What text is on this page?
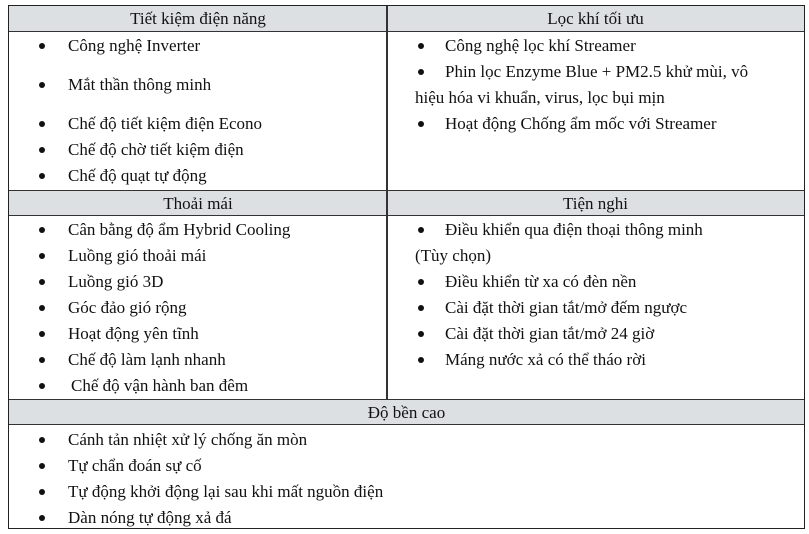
Tiết kiệm điện năng	Lọc khí tối ưu
Thoải mái	Tiện nghi
Độ bền cao
Công nghệ Inverter
Mắt thần thông minh
Chế độ tiết kiệm điện Econo
Chế độ chờ tiết kiệm điện
Chế độ quạt tự động
Công nghệ lọc khí Streamer
Phin lọc Enzyme Blue + PM2.5 khử mùi, vô
hiệu hóa vi khuẩn, virus, lọc bụi mịn
Hoạt động Chống ẩm mốc với Streamer
Cân bằng độ ẩm Hybrid Cooling
Luồng gió thoải mái
Luồng gió 3D
Góc đảo gió rộng
Hoạt động yên tĩnh
Chế độ làm lạnh nhanh
Chế độ vận hành ban đêm
Điều khiển qua điện thoại thông minh
(Tùy chọn)
Điều khiển từ xa có đèn nền
Cài đặt thời gian tắt/mở đếm ngược
Cài đặt thời gian tắt/mở 24 giờ
Máng nước xả có thể tháo rời
Cánh tản nhiệt xử lý chống ăn mòn
Tự chẩn đoán sự cố
Tự động khởi động lại sau khi mất nguồn điện
Dàn nóng tự động xả đá
